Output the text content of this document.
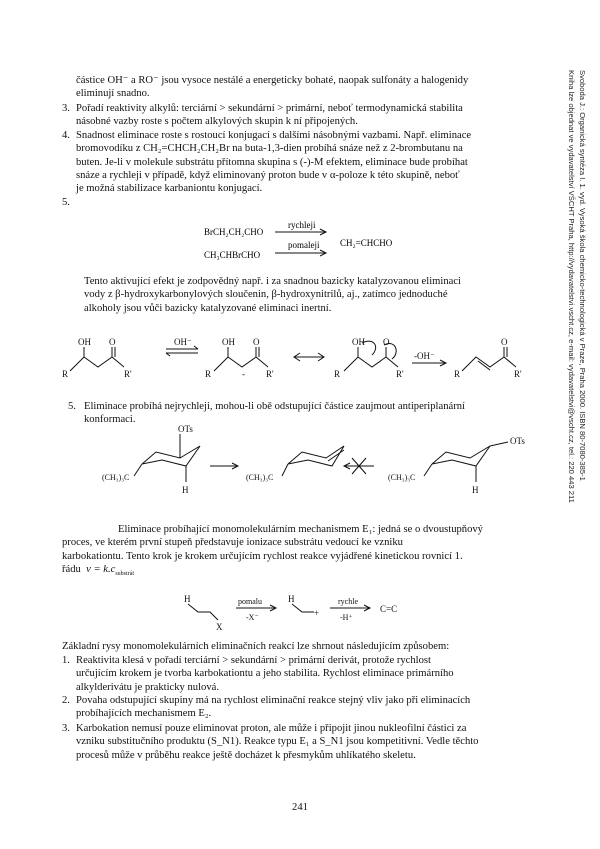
Svoboda J.: Organická syntéza I. 1. vyd. Vysoká škola chemicko-technologická v Praze, Praha 2000. ISBN 80-7080-385-1
Kniha lze objednat ve vydavatelství VŠCHT Praha, http://vydavatelstvi.vscht.cz, e-mail: vydavatelstvi@vscht.cz, tel.: 220 443 211
částice OH⁻ a RO⁻ jsou vysoce nestálé a energeticky bohaté, naopak sulfonáty a halogenidy
eliminují snadno.
3. Pořadí reaktivity alkylů: terciární > sekundární > primární, neboť termodynamická stabilita
násobné vazby roste s počtem alkylových skupin k ní připojených.
4. Snadnost eliminace roste s rostoucí konjugací s dalšími násobnými vazbami. Např. eliminace
bromovodíku z CH₂=CHCH₂CH₂Br na buta-1,3-dien probíhá snáze než z 2-brombutanu na
buten. Je-li v molekule substrátu přítomna skupina s (-)-M efektem, eliminace bude probíhat
snáze a rychleji v případě, když eliminovaný proton bude v α-poloze k této skupině, neboť
je možná stabilizace karbaniontu konjugací.
5.
BrCH₂CH₂CHO
CH₃CHBrCHO
rychleji
pomaleji CH₂=CHCHO
Tento aktivující efekt je zodpovědný např. i za snadnou bazicky katalyzovanou eliminaci
vody z β-hydroxykarbonylových sloučenin, β-hydroxynitrilů, aj., zatímco jednoduché
alkoholy jsou vůči bazicky katalyzované eliminaci inertní.
OH O
R	R'
OH⁻	OH O
R	R'
-
OH O
R	R'
-OH⁻
O
R	R'
5. Eliminace probíhá nejrychleji, mohou-li obě odstupující částice zaujmout antiperiplanární
konformaci.
OTs
H
(CH₃)₃C	(CH₃)₃C
OTs
H
(CH₃)₃C
Eliminace probíhající monomolekulárním mechanismem E₁: jedná se o dvoustupňový
proces, ve kterém první stupeň představuje ionizace substrátu vedoucí ke vzniku
karbokationtu. Tento krok je krokem určujícím rychlost reakce vyjádřené kinetickou rovnicí 1.
řádu $v = k.c_{substrát}$
H
X
pomalu
-X⁻
H
+
rychle
-H⁺
C=C
Základní rysy monomolekulárních eliminačních reakcí lze shrnout následujícím způsobem:
1. Reaktivita klesá v pořadí terciární > sekundární > primární derivát, protože rychlost
určujícím krokem je tvorba karbokationtu a jeho stabilita. Rychlost eliminace primárního
alkylderivátu je prakticky nulová.
2. Povaha odstupující skupiny má na rychlost eliminační reakce stejný vliv jako při eliminacích
probíhajících mechanismem E₂.
3. Karbokation nemusí pouze eliminovat proton, ale může i připojit jinou nukleofilní částici za
vzniku substitučního produktu (S_N1). Reakce typu E₁ a S_N1 jsou kompetitivní. Vedle těchto
procesů může v průběhu reakce ještě docházet k přesmykům uhlíkatého skeletu.
241
